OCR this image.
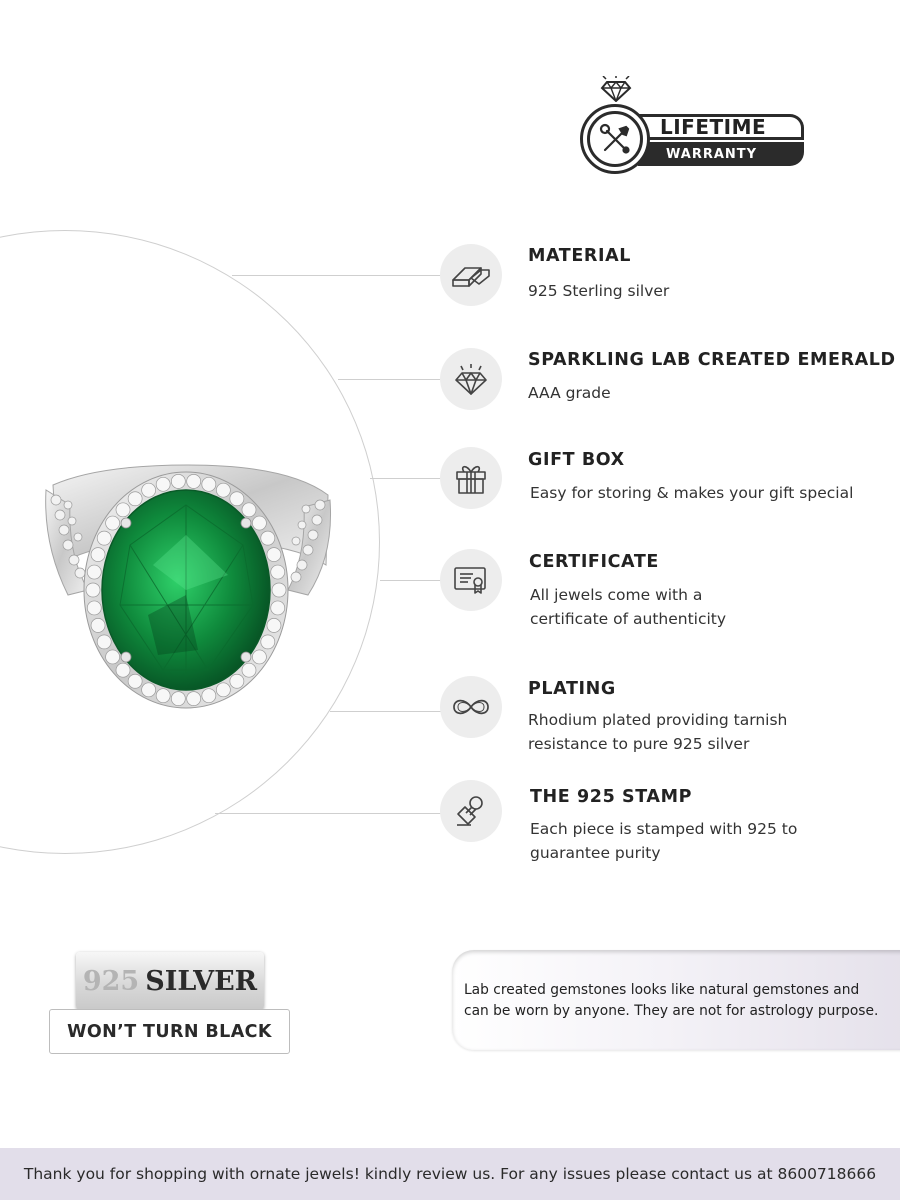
LIFETIME
WARRANTY
MATERIAL
925 Sterling silver
SPARKLING LAB CREATED EMERALD
AAA grade
GIFT BOX
Easy for storing & makes your gift special
CERTIFICATE
All jewels come with a
certificate of authenticity
PLATING
Rhodium plated providing tarnish
resistance to pure 925 silver
THE 925 STAMP
Each piece is stamped with 925 to
guarantee purity
925 SILVER
WON’T TURN BLACK
Lab created gemstones looks like natural gemstones and
can be worn by anyone. They are not for astrology purpose.
Thank you for shopping with ornate jewels! kindly review us. For any issues please contact us at 8600718666
